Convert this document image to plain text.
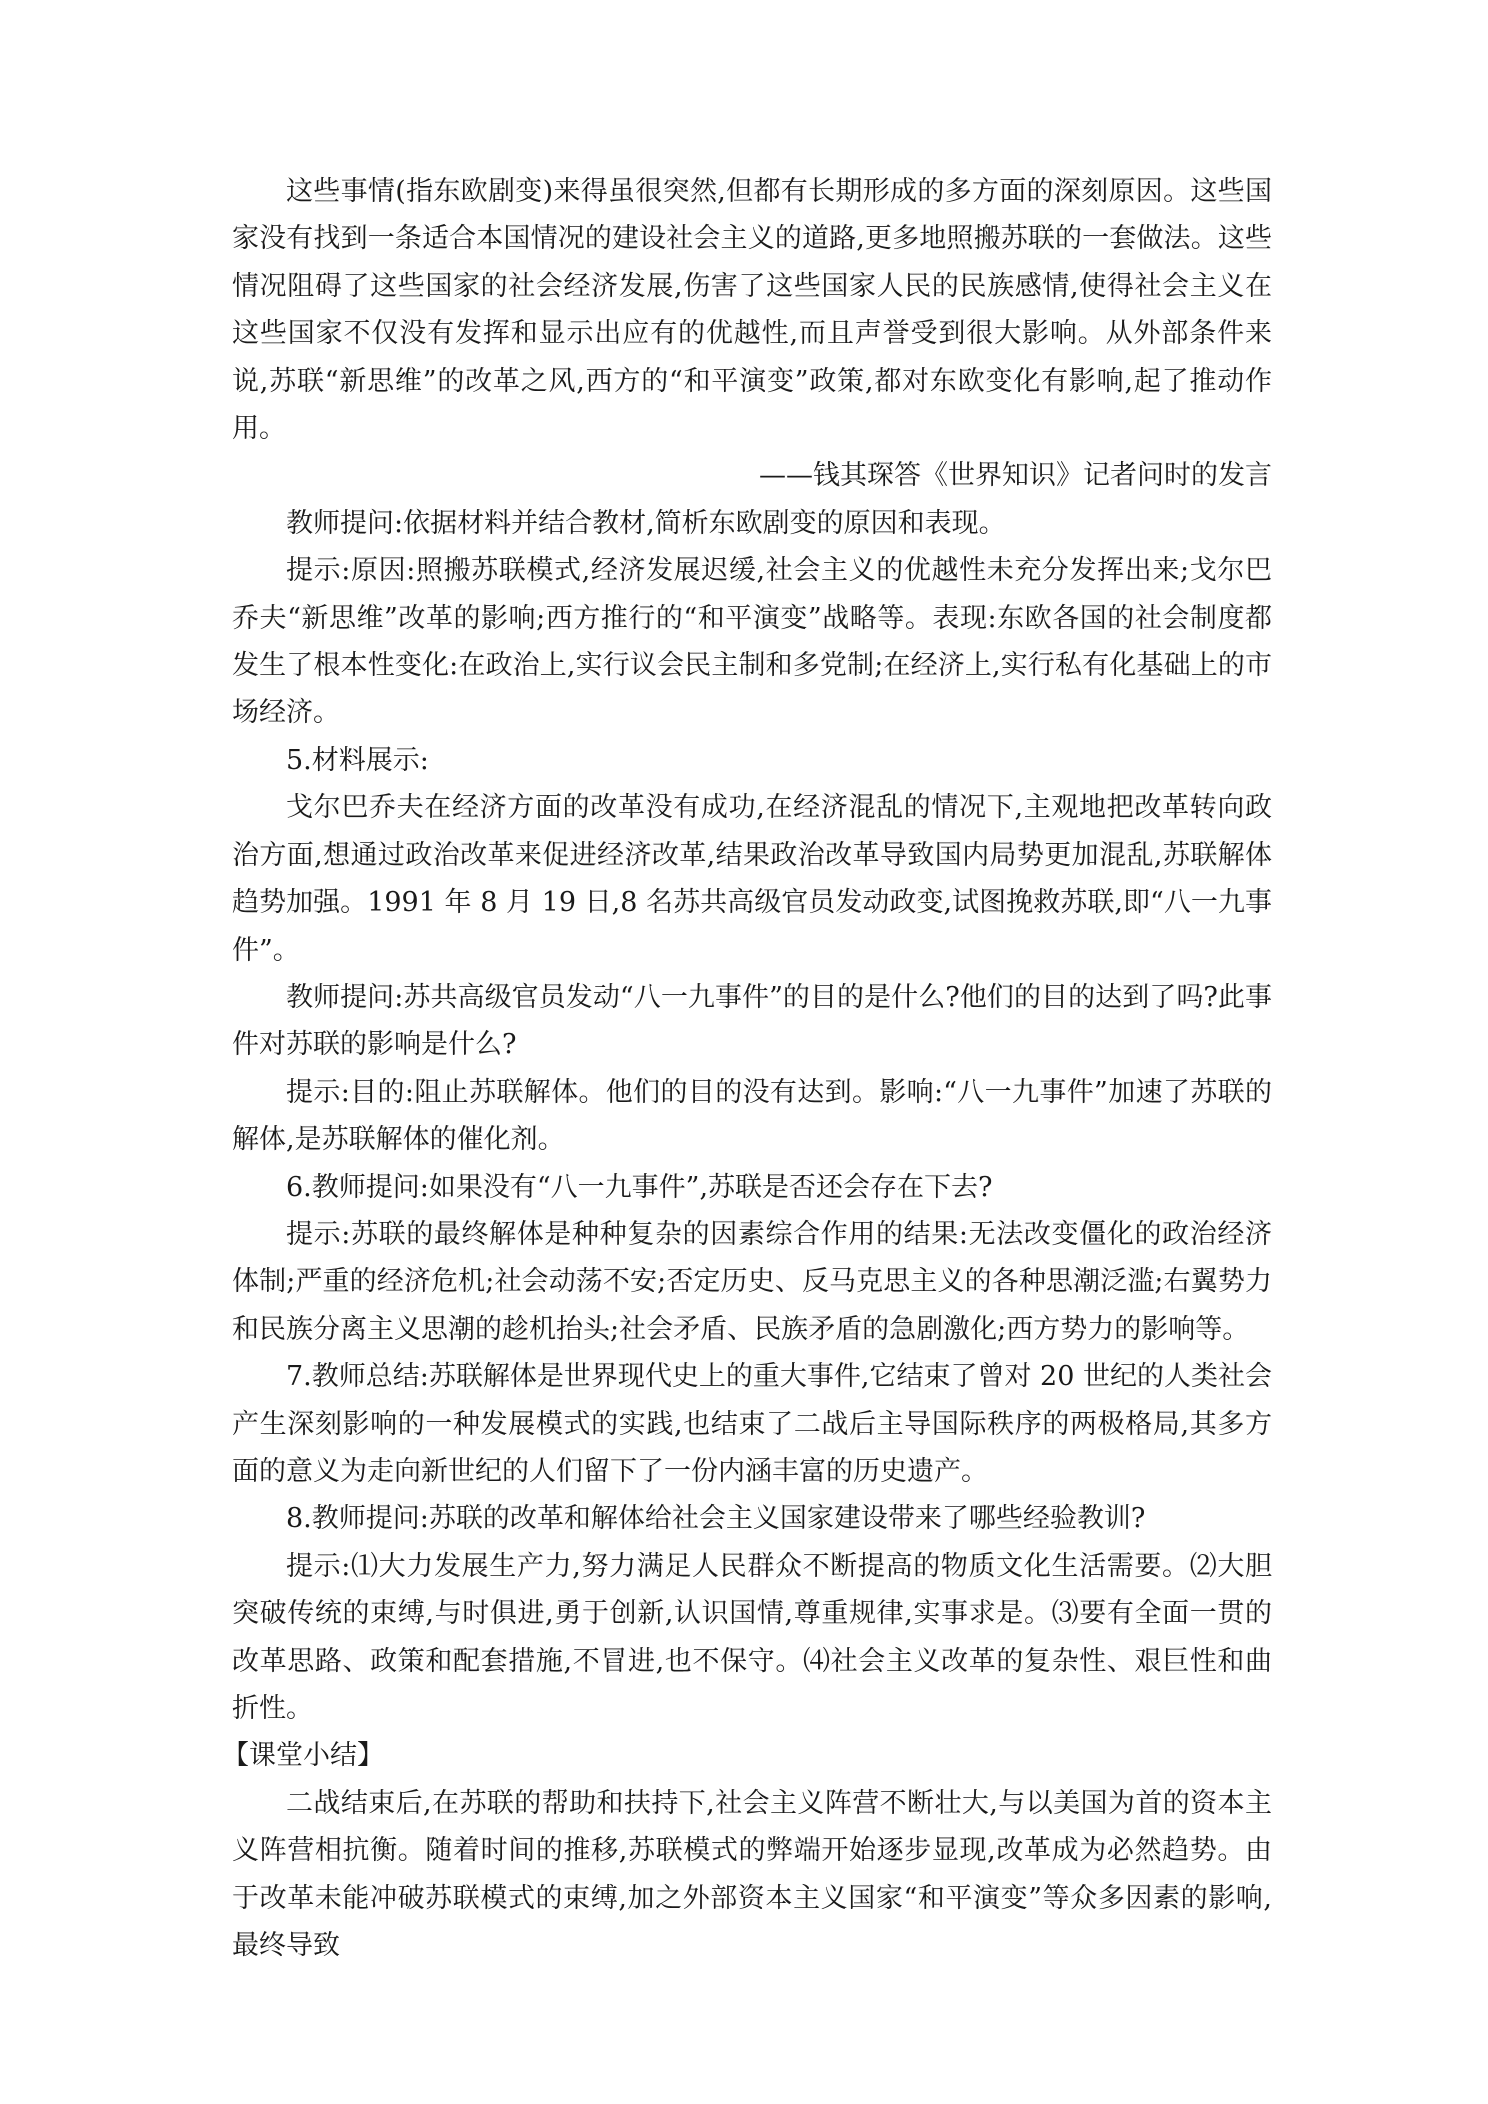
这些事情(指东欧剧变)来得虽很突然,但都有长期形成的多方面的深刻原因。这些国家没有找到一条适合本国情况的建设社会主义的道路,更多地照搬苏联的一套做法。这些情况阻碍了这些国家的社会经济发展,伤害了这些国家人民的民族感情,使得社会主义在这些国家不仅没有发挥和显示出应有的优越性,而且声誉受到很大影响。从外部条件来说,苏联“新思维”的改革之风,西方的“和平演变”政策,都对东欧变化有影响,起了推动作用。

——钱其琛答《世界知识》记者问时的发言

教师提问:依据材料并结合教材,简析东欧剧变的原因和表现。

提示:原因:照搬苏联模式,经济发展迟缓,社会主义的优越性未充分发挥出来;戈尔巴乔夫“新思维”改革的影响;西方推行的“和平演变”战略等。表现:东欧各国的社会制度都发生了根本性变化:在政治上,实行议会民主制和多党制;在经济上,实行私有化基础上的市场经济。

5.材料展示:

戈尔巴乔夫在经济方面的改革没有成功,在经济混乱的情况下,主观地把改革转向政治方面,想通过政治改革来促进经济改革,结果政治改革导致国内局势更加混乱,苏联解体趋势加强。1991 年 8 月 19 日,8 名苏共高级官员发动政变,试图挽救苏联,即“八一九事件”。

教师提问:苏共高级官员发动“八一九事件”的目的是什么?他们的目的达到了吗?此事件对苏联的影响是什么?

提示:目的:阻止苏联解体。他们的目的没有达到。影响:“八一九事件”加速了苏联的解体,是苏联解体的催化剂。

6.教师提问:如果没有“八一九事件”,苏联是否还会存在下去?

提示:苏联的最终解体是种种复杂的因素综合作用的结果:无法改变僵化的政治经济体制;严重的经济危机;社会动荡不安;否定历史、反马克思主义的各种思潮泛滥;右翼势力和民族分离主义思潮的趁机抬头;社会矛盾、民族矛盾的急剧激化;西方势力的影响等。

7.教师总结:苏联解体是世界现代史上的重大事件,它结束了曾对 20 世纪的人类社会产生深刻影响的一种发展模式的实践,也结束了二战后主导国际秩序的两极格局,其多方面的意义为走向新世纪的人们留下了一份内涵丰富的历史遗产。

8.教师提问:苏联的改革和解体给社会主义国家建设带来了哪些经验教训?

提示:⑴大力发展生产力,努力满足人民群众不断提高的物质文化生活需要。⑵大胆突破传统的束缚,与时俱进,勇于创新,认识国情,尊重规律,实事求是。⑶要有全面一贯的改革思路、政策和配套措施,不冒进,也不保守。⑷社会主义改革的复杂性、艰巨性和曲折性。

【课堂小结】

二战结束后,在苏联的帮助和扶持下,社会主义阵营不断壮大,与以美国为首的资本主义阵营相抗衡。随着时间的推移,苏联模式的弊端开始逐步显现,改革成为必然趋势。由于改革未能冲破苏联模式的束缚,加之外部资本主义国家“和平演变”等众多因素的影响,最终导致
